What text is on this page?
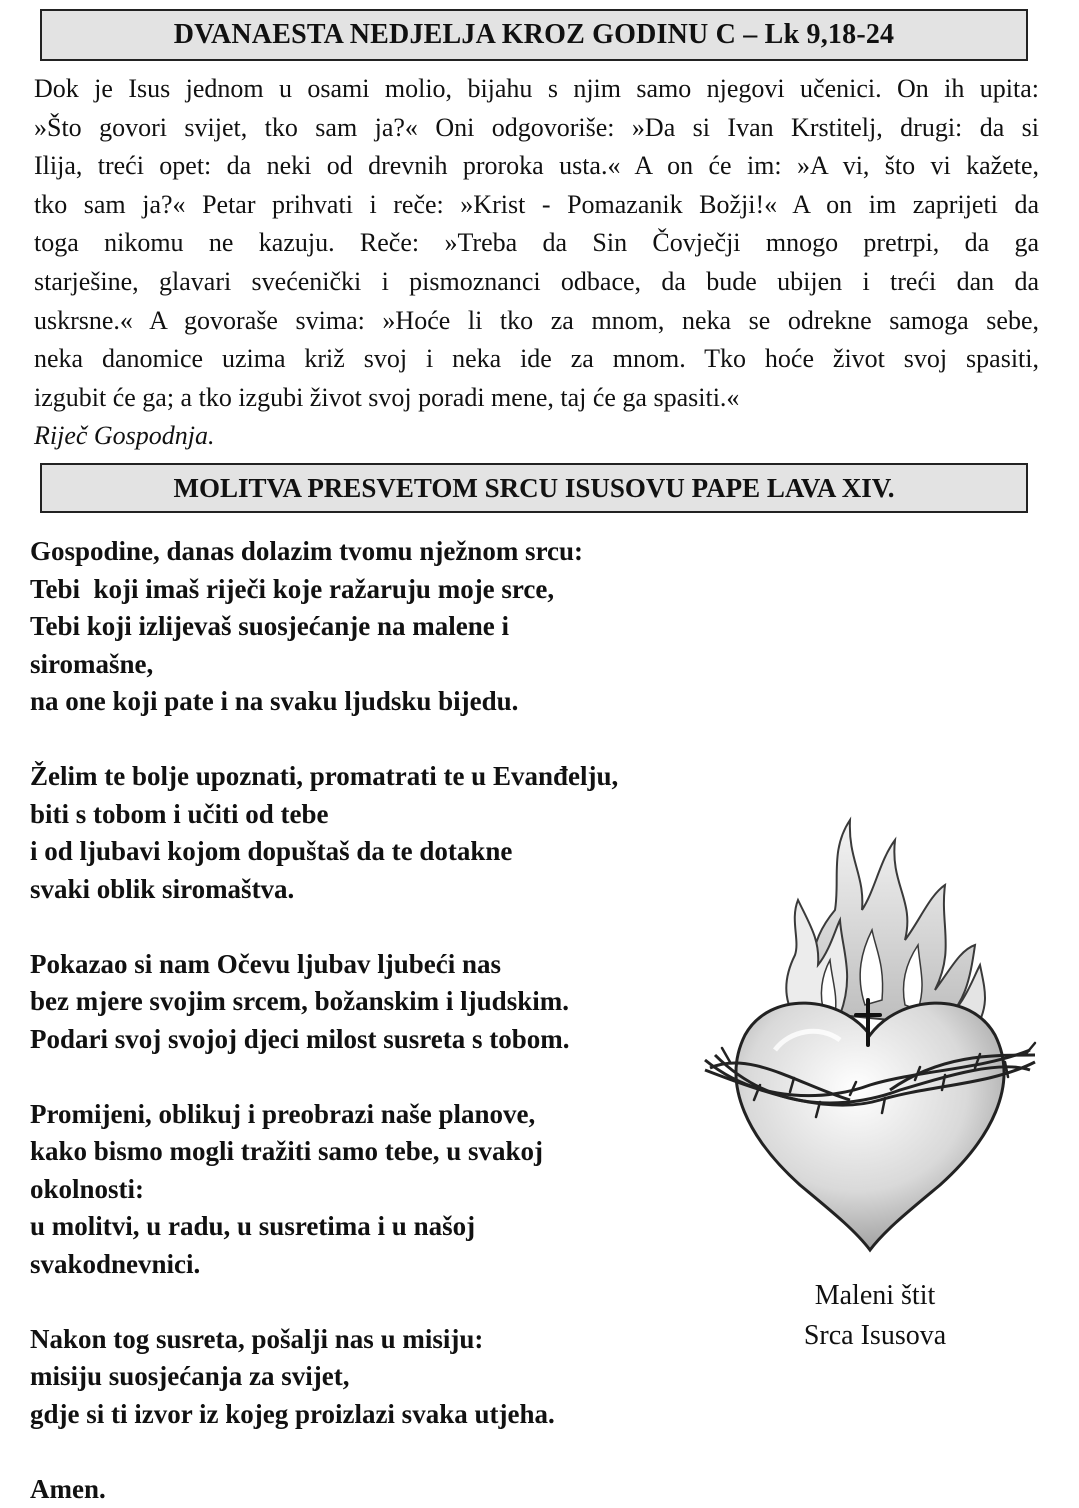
DVANAESTA NEDJELJA KROZ GODINU C – Lk 9,18-24
Dok je Isus jednom u osami molio, bijahu s njim samo njegovi učenici. On ih upita:
»Što govori svijet, tko sam ja?« Oni odgovoriše: »Da si Ivan Krstitelj, drugi: da si
Ilija, treći opet: da neki od drevnih proroka usta.« A on će im: »A vi, što vi kažete,
tko sam ja?« Petar prihvati i reče: »Krist - Pomazanik Božji!« A on im zaprijeti da
toga nikomu ne kazuju. Reče: »Treba da Sin Čovječji mnogo pretrpi, da ga
starješine, glavari svećenički i pismoznanci odbace, da bude ubijen i treći dan da
uskrsne.« A govoraše svima: »Hoće li tko za mnom, neka se odrekne samoga sebe,
neka danomice uzima križ svoj i neka ide za mnom. Tko hoće život svoj spasiti,
izgubit će ga; a tko izgubi život svoj poradi mene, taj će ga spasiti.«
Riječ Gospodnja.
MOLITVA PRESVETOM SRCU ISUSOVU PAPE LAVA XIV.
Gospodine, danas dolazim tvomu nježnom srcu:
Tebi  koji imaš riječi koje ražaruju moje srce,
Tebi koji izlijevaš suosjećanje na malene i
siromašne,
na one koji pate i na svaku ljudsku bijedu.
Želim te bolje upoznati, promatrati te u Evanđelju,
biti s tobom i učiti od tebe
i od ljubavi kojom dopuštaš da te dotakne
svaki oblik siromaštva.
Pokazao si nam Očevu ljubav ljubeći nas
bez mjere svojim srcem, božanskim i ljudskim.
Podari svoj svojoj djeci milost susreta s tobom.
Promijeni, oblikuj i preobrazi naše planove,
kako bismo mogli tražiti samo tebe, u svakoj
okolnosti:
u molitvi, u radu, u susretima i u našoj
svakodnevnici.
Nakon tog susreta, pošalji nas u misiju:
misiju suosjećanja za svijet,
gdje si ti izvor iz kojeg proizlazi svaka utjeha.
Amen.
Maleni štit
Srca Isusova
